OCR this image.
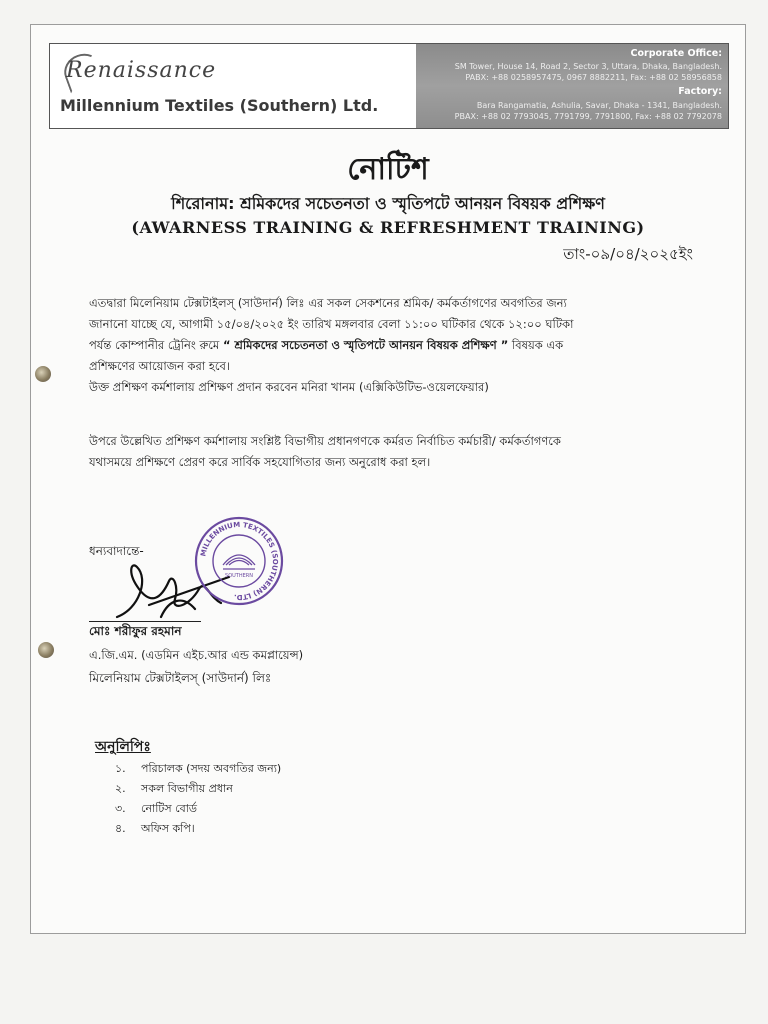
Renaissance
Millennium Textiles (Southern) Ltd.
Corporate Office:
SM Tower, House 14, Road 2, Sector 3, Uttara, Dhaka, Bangladesh.
PABX: +88 0258957475, 0967 8882211, Fax: +88 02 58956858
Factory:
Bara Rangamatia, Ashulia, Savar, Dhaka - 1341, Bangladesh.
PBAX: +88 02 7793045, 7791799, 7791800, Fax: +88 02 7792078
নোটিশ
শিরোনাম: শ্রমিকদের সচেতনতা ও স্মৃতিপটে আনয়ন বিষয়ক প্রশিক্ষণ
(AWARNESS TRAINING & REFRESHMENT TRAINING)
তাং-০৯/০৪/২০২৫ইং
এতদ্বারা মিলেনিয়াম টেক্সটাইলস্ (সাউদার্ন) লিঃ এর সকল সেকশনের শ্রমিক/ কর্মকর্তাগণের অবগতির জন্য
জানানো যাচ্ছে যে, আগামী ১৫/০৪/২০২৫ ইং তারিখ মঙ্গলবার বেলা ১১:০০ ঘটিকার থেকে ১২:০০ ঘটিকা
পর্যন্ত কোম্পানীর ট্রেনিং রুমে “ শ্রমিকদের সচেতনতা ও স্মৃতিপটে আনয়ন বিষয়ক প্রশিক্ষণ ” বিষয়ক এক
প্রশিক্ষণের আয়োজন করা হবে।
উক্ত প্রশিক্ষণ কর্মশালায় প্রশিক্ষণ প্রদান করবেন মনিরা খানম (এক্সিকিউটিভ-ওয়েলফেয়ার)
উপরে উল্লেখিত প্রশিক্ষণ কর্মশালায় সংশ্লিষ্ট বিভাগীয় প্রধানগণকে কর্মরত নির্বাচিত কর্মচারী/ কর্মকর্তাগণকে
যথাসময়ে প্রশিক্ষণে প্রেরণ করে সার্বিক সহযোগিতার জন্য অনুরোধ করা হল।
ধন্যবাদান্তে-	MILLENNIUM TEXTILES (SOUTHERN) LTD.
SOUTHERN
মোঃ শরীফুর রহমান
এ.জি.এম. (এডমিন এইচ.আর এন্ড কমপ্লায়েন্স)
মিলেনিয়াম টেক্সটাইলস্ (সাউদার্ন) লিঃ
অনুলিপিঃ
১. পরিচালক (সদয় অবগতির জন্য)
২. সকল বিভাগীয় প্রধান
৩. নোটিস বোর্ড
৪. অফিস কপি।
